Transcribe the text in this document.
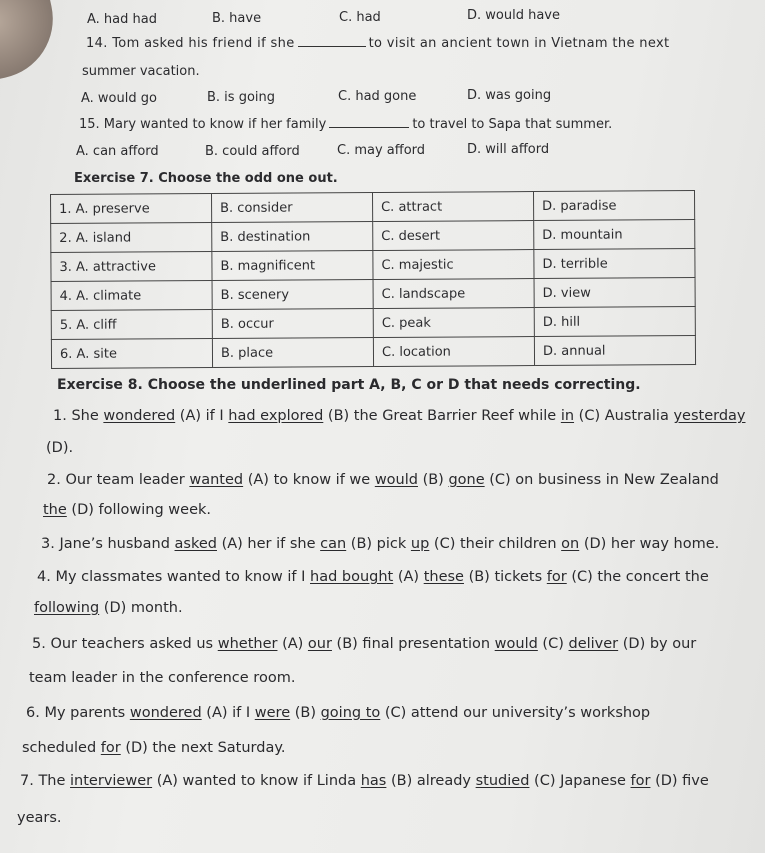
A. had had	B. have	C. had	D. would have
14. Tom asked his friend if she	to visit an ancient town in Vietnam the next
summer vacation.
A. would go	B. is going	C. had gone	D. was going
15. Mary wanted to know if her family	to travel to Sapa that summer.
A. can afford	B. could afford	C. may afford	D. will afford
Exercise 7. Choose the odd one out.
1. A. preserve	B. consider	C. attract	D. paradise
2. A. island	B. destination	C. desert	D. mountain
3. A. attractive	B. magnificent	C. majestic	D. terrible
4. A. climate	B. scenery	C. landscape	D. view
5. A. cliff	B. occur	C. peak	D. hill
6. A. site	B. place	C. location	D. annual
Exercise 8. Choose the underlined part A, B, C or D that needs correcting.
1. She wondered (A) if I had explored (B) the Great Barrier Reef while in (C) Australia yesterday
(D).
2. Our team leader wanted (A) to know if we would (B) gone (C) on business in New Zealand
the (D) following week.
3. Jane’s husband asked (A) her if she can (B) pick up (C) their children on (D) her way home.
4. My classmates wanted to know if I had bought (A) these (B) tickets for (C) the concert the
following (D) month.
5. Our teachers asked us whether (A) our (B) final presentation would (C) deliver (D) by our
team leader in the conference room.
6. My parents wondered (A) if I were (B) going to (C) attend our university’s workshop
scheduled for (D) the next Saturday.
7. The interviewer (A) wanted to know if Linda has (B) already studied (C) Japanese for (D) five
years.
